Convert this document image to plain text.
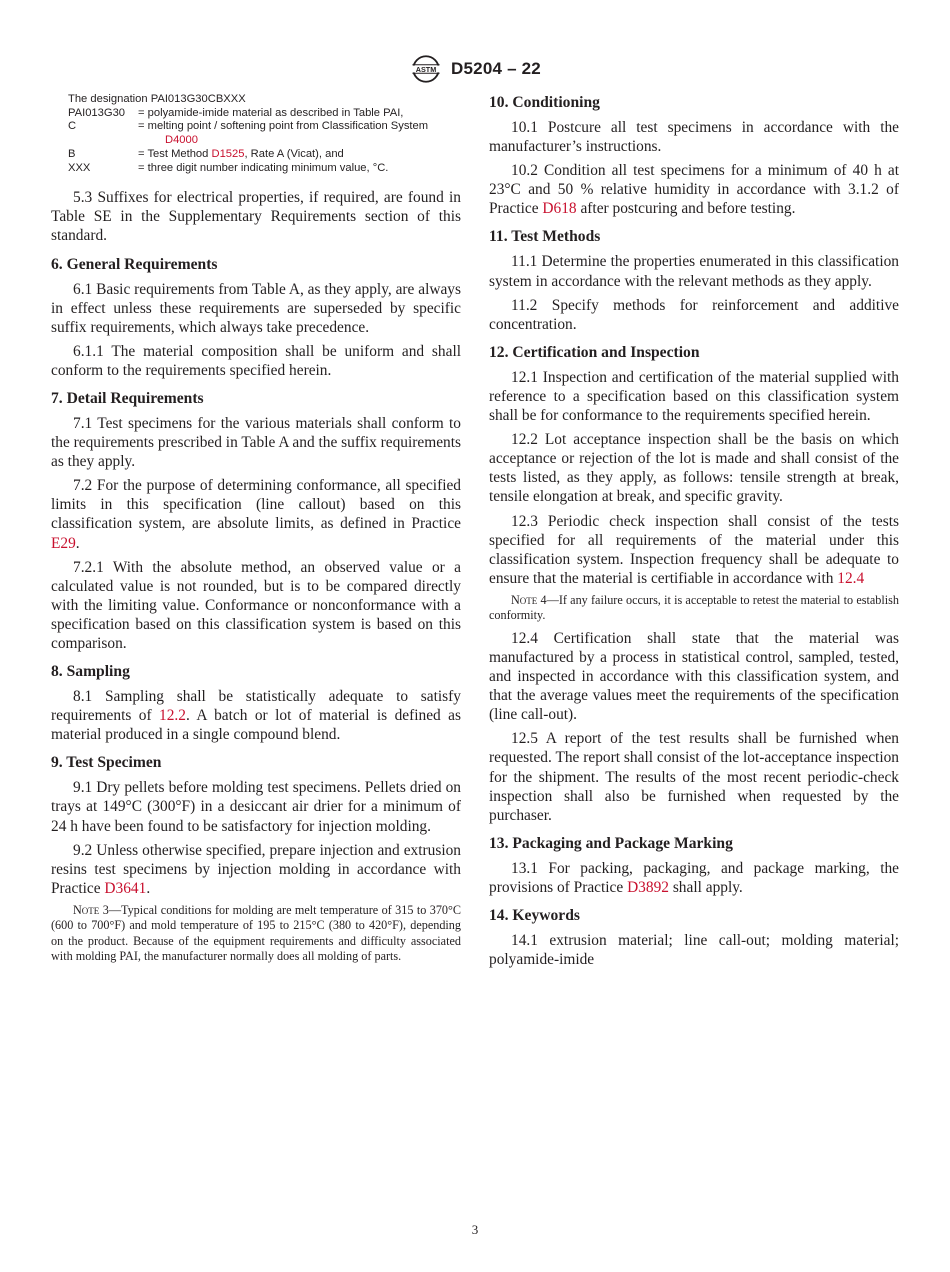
ASTM D5204 – 22
The designation PAI013G30CBXXX
PAI013G30	= polyamide-imide material as described in Table PAI,
C	= melting point / softening point from Classification System
D4000
B	= Test Method D1525, Rate A (Vicat), and
XXX	= three digit number indicating minimum value, °C.

5.3 Suffixes for electrical properties, if required, are found in Table SE in the Supplementary Requirements section of this standard.

6. General Requirements

6.1 Basic requirements from Table A, as they apply, are always in effect unless these requirements are superseded by specific suffix requirements, which always take precedence.

6.1.1 The material composition shall be uniform and shall conform to the requirements specified herein.

7. Detail Requirements

7.1 Test specimens for the various materials shall conform to the requirements prescribed in Table A and the suffix requirements as they apply.

7.2 For the purpose of determining conformance, all specified limits in this specification (line callout) based on this classification system, are absolute limits, as defined in Practice E29.

7.2.1 With the absolute method, an observed value or a calculated value is not rounded, but is to be compared directly with the limiting value. Conformance or nonconformance with a specification based on this classification system is based on this comparison.

8. Sampling

8.1 Sampling shall be statistically adequate to satisfy requirements of 12.2. A batch or lot of material is defined as material produced in a single compound blend.

9. Test Specimen

9.1 Dry pellets before molding test specimens. Pellets dried on trays at 149°C (300°F) in a desiccant air drier for a minimum of 24 h have been found to be satisfactory for injection molding.

9.2 Unless otherwise specified, prepare injection and extrusion resins test specimens by injection molding in accordance with Practice D3641.

Note 3—Typical conditions for molding are melt temperature of 315 to 370°C (600 to 700°F) and mold temperature of 195 to 215°C (380 to 420°F), depending on the product. Because of the equipment requirements and difficulty associated with molding PAI, the manufacturer normally does all molding of parts.
10. Conditioning

10.1 Postcure all test specimens in accordance with the manufacturer’s instructions.

10.2 Condition all test specimens for a minimum of 40 h at 23°C and 50 % relative humidity in accordance with 3.1.2 of Practice D618 after postcuring and before testing.

11. Test Methods

11.1 Determine the properties enumerated in this classification system in accordance with the relevant methods as they apply.

11.2 Specify methods for reinforcement and additive concentration.

12. Certification and Inspection

12.1 Inspection and certification of the material supplied with reference to a specification based on this classification system shall be for conformance to the requirements specified herein.

12.2 Lot acceptance inspection shall be the basis on which acceptance or rejection of the lot is made and shall consist of the tests listed, as they apply, as follows: tensile strength at break, tensile elongation at break, and specific gravity.

12.3 Periodic check inspection shall consist of the tests specified for all requirements of the material under this classification system. Inspection frequency shall be adequate to ensure that the material is certifiable in accordance with 12.4

Note 4—If any failure occurs, it is acceptable to retest the material to establish conformity.

12.4 Certification shall state that the material was manufactured by a process in statistical control, sampled, tested, and inspected in accordance with this classification system, and that the average values meet the requirements of the specification (line call-out).

12.5 A report of the test results shall be furnished when requested. The report shall consist of the lot-acceptance inspection for the shipment. The results of the most recent periodic-check inspection shall also be furnished when requested by the purchaser.

13. Packaging and Package Marking

13.1 For packing, packaging, and package marking, the provisions of Practice D3892 shall apply.

14. Keywords

14.1 extrusion material; line call-out; molding material; polyamide-imide

3
